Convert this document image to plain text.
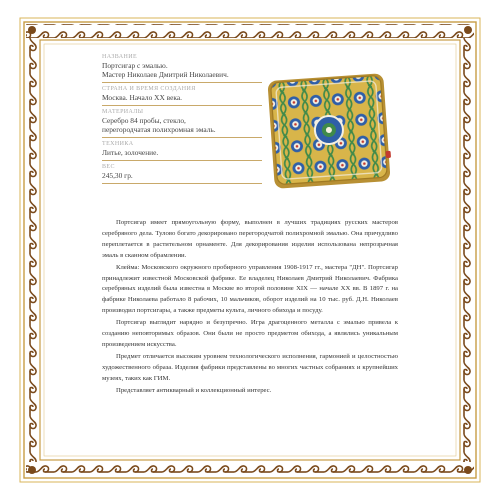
НАЗВАНИЕ
Портсигар с эмалью.
Мастер Николаев Дмитрий Николаевич.
СТРАНА И ВРЕМЯ СОЗДАНИЯ
Москва. Начало XX века.
МАТЕРИАЛЫ
Серебро 84 пробы, стекло,
перегородчатая полихромная эмаль.
ТЕХНИКА
Литье, золочение.
ВЕС
245,30 гр.

Портсигар имеет прямоугольную форму, выполнен в лучших традициях русских мастеров серебряного дела. Тулово богато декорировано перегородчатой полихромной эмалью. Она причудливо переплетается в растительном орнаменте. Для декорирования изделия использована непрозрачная эмаль в сканном обрамлении.

Клейма: Московского окружного пробирного управления 1908-1917 гг., мастера "ДН". Портсигар принадлежит известной Московской фабрике. Ее владелец Николаев Дмитрий Николаевич. Фабрика серебряных изделий была известна в Москве во второй половине XIX — начале XX вв. В 1897 г. на фабрике Николаева работало 8 рабочих, 10 мальчиков, оборот изделий на 10 тыс. руб. Д.Н. Николаев производил портсигары, а также предметы культа, личного обихода и посуду.

Портсигар выглядит нарядно и безупречно. Игра драгоценного металла с эмалью привела к созданию неповторимых образов. Они были не просто предметом обихода, а являлись уникальным произведением искусства.

Предмет отличается высоким уровнем технологического исполнения, гармонией и целостностью художественного образа. Изделия фабрики представлены во многих частных собраниях и крупнейших музеях, таких как ГИМ.

Представляет антикварный и коллекционный интерес.
